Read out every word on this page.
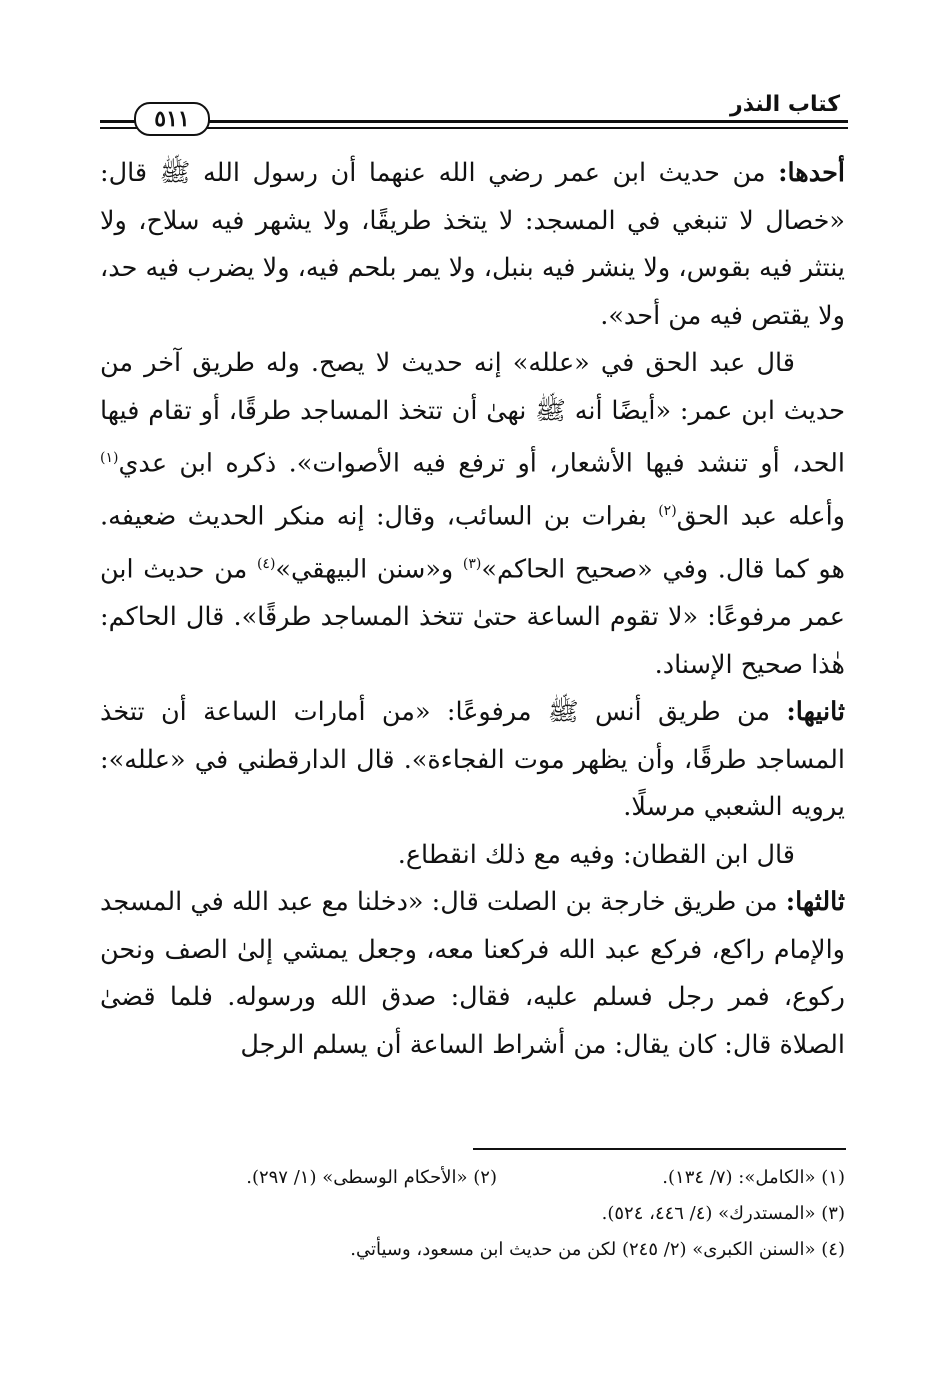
كتاب النذر
٥١١

أحدها: من حديث ابن عمر رضي الله عنهما أن رسول الله ﷺ قال: «خصال لا تنبغي في المسجد: لا يتخذ طريقًا، ولا يشهر فيه سلاح، ولا ينتثر فيه بقوس، ولا ينشر فيه بنبل، ولا يمر بلحم فيه، ولا يضرب فيه حد، ولا يقتص فيه من أحد».

قال عبد الحق في «علله» إنه حديث لا يصح. وله طريق آخر من حديث ابن عمر: «أيضًا أنه ﷺ نهىٰ أن تتخذ المساجد طرقًا، أو تقام فيها الحد، أو تنشد فيها الأشعار، أو ترفع فيه الأصوات». ذكره ابن عدي$^{(١)}$ وأعله عبد الحق$^{(٢)}$ بفرات بن السائب، وقال: إنه منكر الحديث ضعيفه. هو كما قال. وفي «صحيح الحاكم»$^{(٣)}$ و«سنن البيهقي»$^{(٤)}$ من حديث ابن عمر مرفوعًا: «لا تقوم الساعة حتىٰ تتخذ المساجد طرقًا». قال الحاكم: هٰذا صحيح الإسناد.

ثانيها: من طريق أنس ﷺ مرفوعًا: «من أمارات الساعة أن تتخذ المساجد طرقًا، وأن يظهر موت الفجاءة». قال الدارقطني في «علله»: يرويه الشعبي مرسلًا.

قال ابن القطان: وفيه مع ذلك انقطاع.

ثالثها: من طريق خارجة بن الصلت قال: «دخلنا مع عبد الله في المسجد والإمام راكع، فركع عبد الله فركعنا معه، وجعل يمشي إلىٰ الصف ونحن ركوع، فمر رجل فسلم عليه، فقال: صدق الله ورسوله. فلما قضىٰ الصلاة قال: كان يقال: من أشراط الساعة أن يسلم الرجل

(١) «الكامل»: (٧/ ١٣٤).
(٢) «الأحكام الوسطى» (١/ ٢٩٧).
(٣) «المستدرك» (٤/ ٤٤٦، ٥٢٤).
(٤) «السنن الكبرى» (٢/ ٢٤٥) لكن من حديث ابن مسعود، وسيأتي.
